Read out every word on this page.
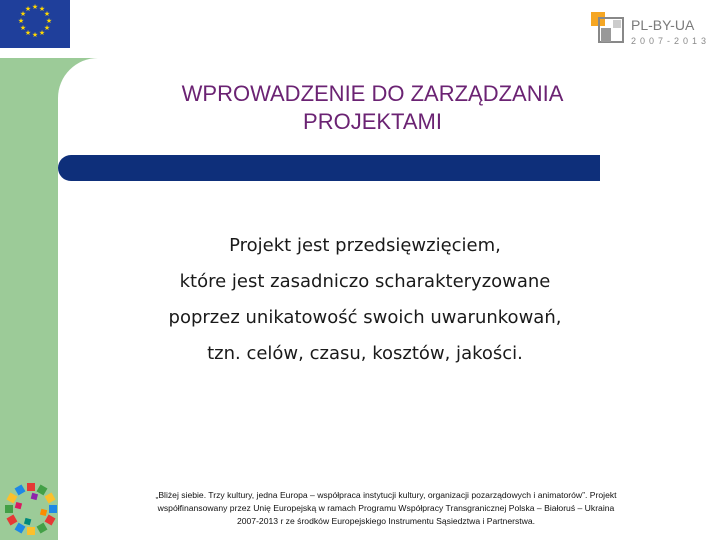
★ ★
★
★
★
★
★
★
★
★
★
★
PL-BY-UA
2007-2013
WPROWADZENIE DO ZARZĄDZANIA
PROJEKTAMI
Projekt jest przedsięwzięciem,
które jest zasadniczo scharakteryzowane
poprzez unikatowość swoich uwarunkowań,
tzn. celów, czasu, kosztów, jakości.
„Bliżej siebie. Trzy kultury, jedna Europa – współpraca instytucji kultury, organizacji pozarządowych i animatorów”. Projekt
współfinansowany przez Unię Europejską w ramach Programu Współpracy Transgranicznej Polska – Białoruś – Ukraina
2007-2013 r ze środków Europejskiego Instrumentu Sąsiedztwa i Partnerstwa.
